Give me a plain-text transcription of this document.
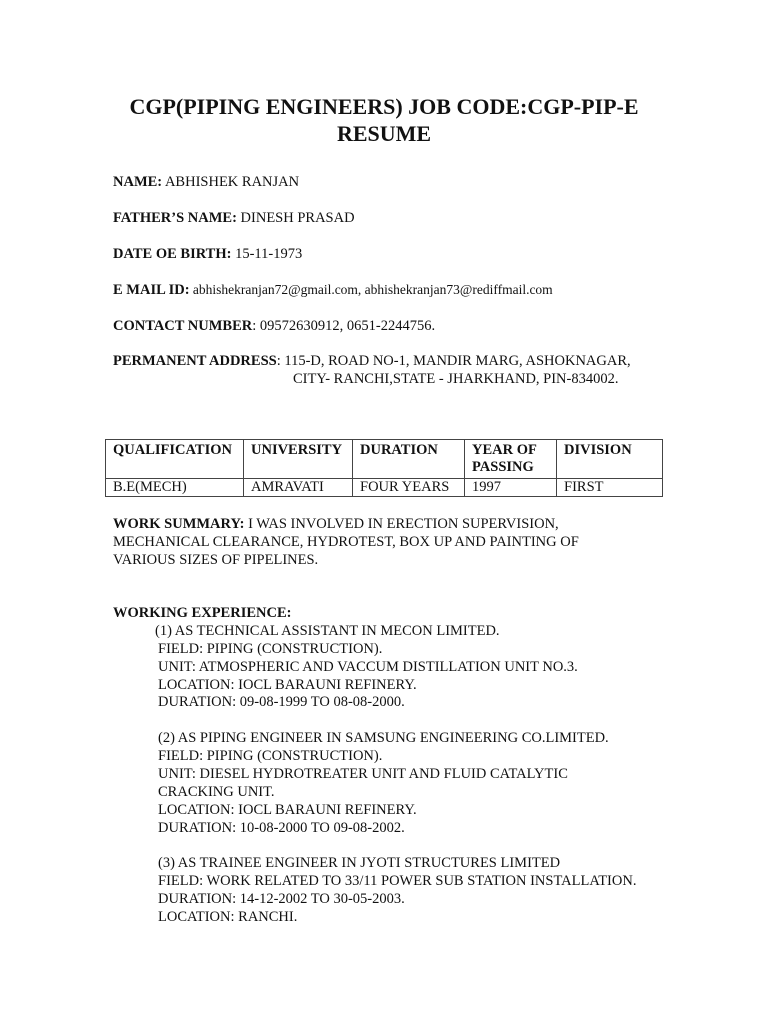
CGP(PIPING ENGINEERS) JOB CODE:CGP-PIP-E
RESUME
NAME: ABHISHEK RANJAN
FATHER’S NAME: DINESH PRASAD
DATE OE BIRTH: 15-11-1973
E MAIL ID: abhishekranjan72@gmail.com, abhishekranjan73@rediffmail.com
CONTACT NUMBER: 09572630912, 0651-2244756.
PERMANENT ADDRESS: 115-D, ROAD NO-1, MANDIR MARG, ASHOKNAGAR,
CITY- RANCHI,STATE - JHARKHAND, PIN-834002.
QUALIFICATION	UNIVERSITY	DURATION	YEAR OF PASSING	DIVISION
B.E(MECH)	AMRAVATI	FOUR YEARS	1997	FIRST
WORK SUMMARY: I WAS INVOLVED IN ERECTION SUPERVISION,
MECHANICAL CLEARANCE, HYDROTEST, BOX UP AND PAINTING OF
VARIOUS SIZES OF PIPELINES.
WORKING EXPERIENCE:
(1) AS TECHNICAL ASSISTANT IN MECON LIMITED.
FIELD: PIPING (CONSTRUCTION).
UNIT: ATMOSPHERIC AND VACCUM DISTILLATION UNIT NO.3.
LOCATION: IOCL BARAUNI REFINERY.
DURATION: 09-08-1999 TO 08-08-2000.
(2) AS PIPING ENGINEER IN SAMSUNG ENGINEERING CO.LIMITED.
FIELD: PIPING (CONSTRUCTION).
UNIT: DIESEL HYDROTREATER UNIT AND FLUID CATALYTIC
CRACKING UNIT.
LOCATION: IOCL BARAUNI REFINERY.
DURATION: 10-08-2000 TO 09-08-2002.
(3) AS TRAINEE ENGINEER IN JYOTI STRUCTURES LIMITED
FIELD: WORK RELATED TO 33/11 POWER SUB STATION INSTALLATION.
DURATION: 14-12-2002 TO 30-05-2003.
LOCATION: RANCHI.
